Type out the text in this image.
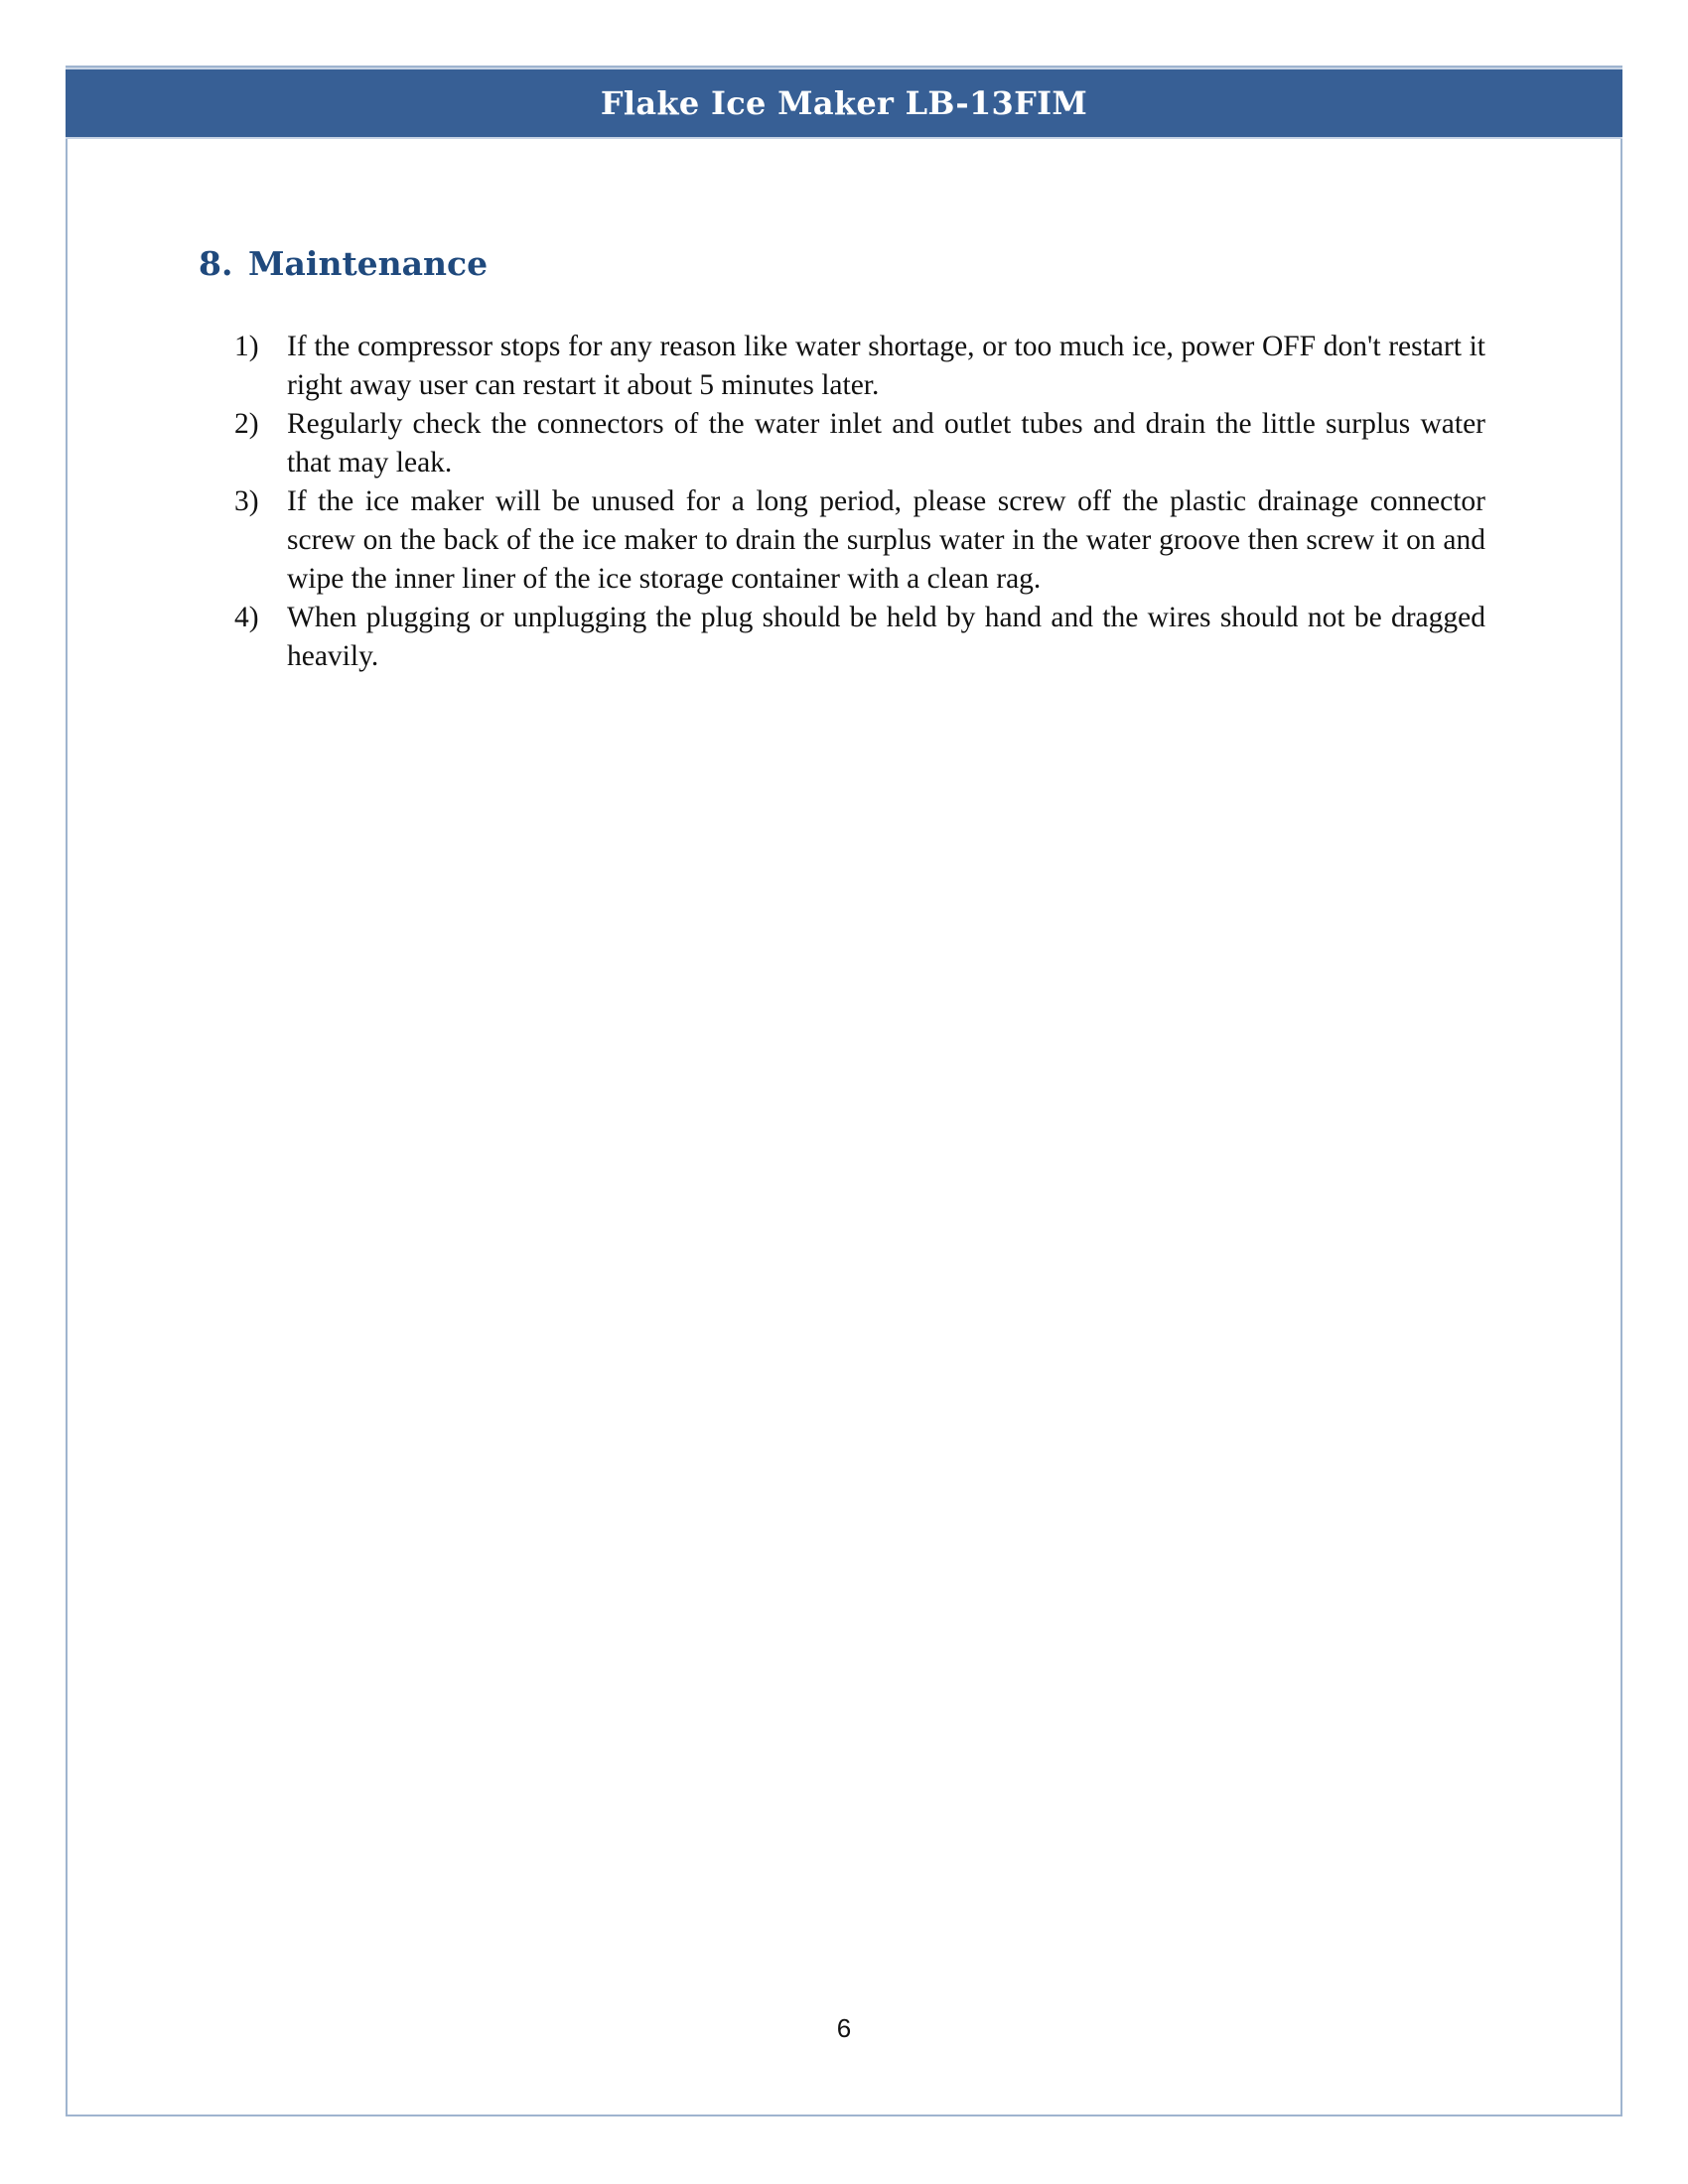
Flake Ice Maker LB-13FIM
8. Maintenance
1) If the compressor stops for any reason like water shortage, or too much ice, power OFF don't restart it right away user can restart it about 5 minutes later.
2) Regularly check the connectors of the water inlet and outlet tubes and drain the little surplus water that may leak.
3) If the ice maker will be unused for a long period, please screw off the plastic drainage connector screw on the back of the ice maker to drain the surplus water in the water groove then screw it on and wipe the inner liner of the ice storage container with a clean rag.
4) When plugging or unplugging the plug should be held by hand and the wires should not be dragged heavily.
6
